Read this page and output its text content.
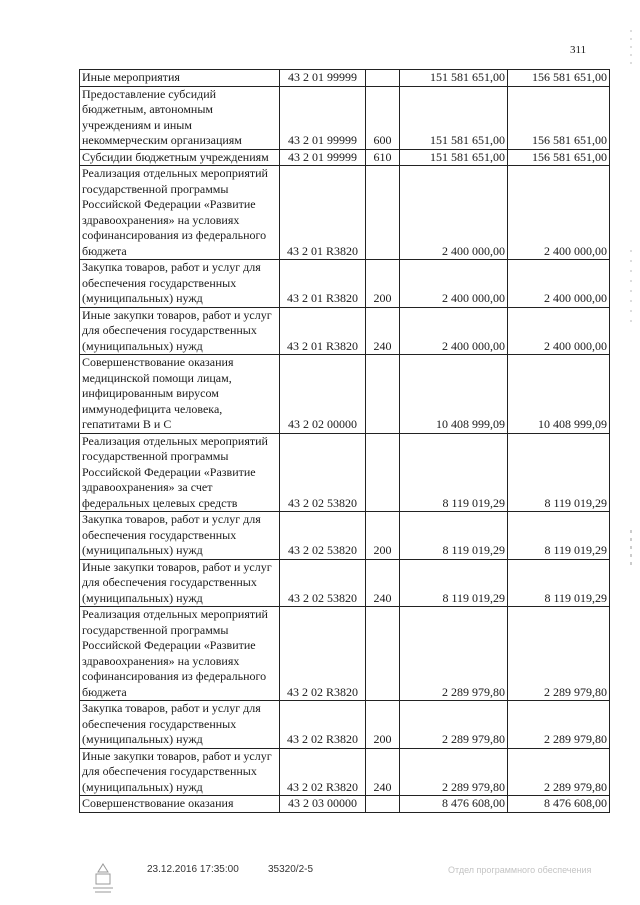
311
Иные мероприятия	43 2 01 99999		151 581 651,00	156 581 651,00
Предоставление субсидий бюджетным, автономным учреждениям и иным некоммерческим организациям	43 2 01 99999	600	151 581 651,00	156 581 651,00
Субсидии бюджетным учреждениям	43 2 01 99999	610	151 581 651,00	156 581 651,00
Реализация отдельных мероприятий государственной программы Российской Федерации «Развитие здравоохранения» на условиях софинансирования из федерального бюджета	43 2 01 R3820		2 400 000,00	2 400 000,00
Закупка товаров, работ и услуг для обеспечения государственных (муниципальных) нужд	43 2 01 R3820	200	2 400 000,00	2 400 000,00
Иные закупки товаров, работ и услуг для обеспечения государственных (муниципальных) нужд	43 2 01 R3820	240	2 400 000,00	2 400 000,00
Совершенствование оказания медицинской помощи лицам, инфицированным вирусом иммунодефицита человека, гепатитами В и С	43 2 02 00000		10 408 999,09	10 408 999,09
Реализация отдельных мероприятий государственной программы Российской Федерации «Развитие здравоохранения» за счет федеральных целевых средств	43 2 02 53820		8 119 019,29	8 119 019,29
Закупка товаров, работ и услуг для обеспечения государственных (муниципальных) нужд	43 2 02 53820	200	8 119 019,29	8 119 019,29
Иные закупки товаров, работ и услуг для обеспечения государственных (муниципальных) нужд	43 2 02 53820	240	8 119 019,29	8 119 019,29
Реализация отдельных мероприятий государственной программы Российской Федерации «Развитие здравоохранения» на условиях софинансирования из федерального бюджета	43 2 02 R3820		2 289 979,80	2 289 979,80
Закупка товаров, работ и услуг для обеспечения государственных (муниципальных) нужд	43 2 02 R3820	200	2 289 979,80	2 289 979,80
Иные закупки товаров, работ и услуг для обеспечения государственных (муниципальных) нужд	43 2 02 R3820	240	2 289 979,80	2 289 979,80
Совершенствование оказания	43 2 03 00000		8 476 608,00	8 476 608,00
23.12.2016 17:35:00	35320/2-5	Отдел программного обеспечения
